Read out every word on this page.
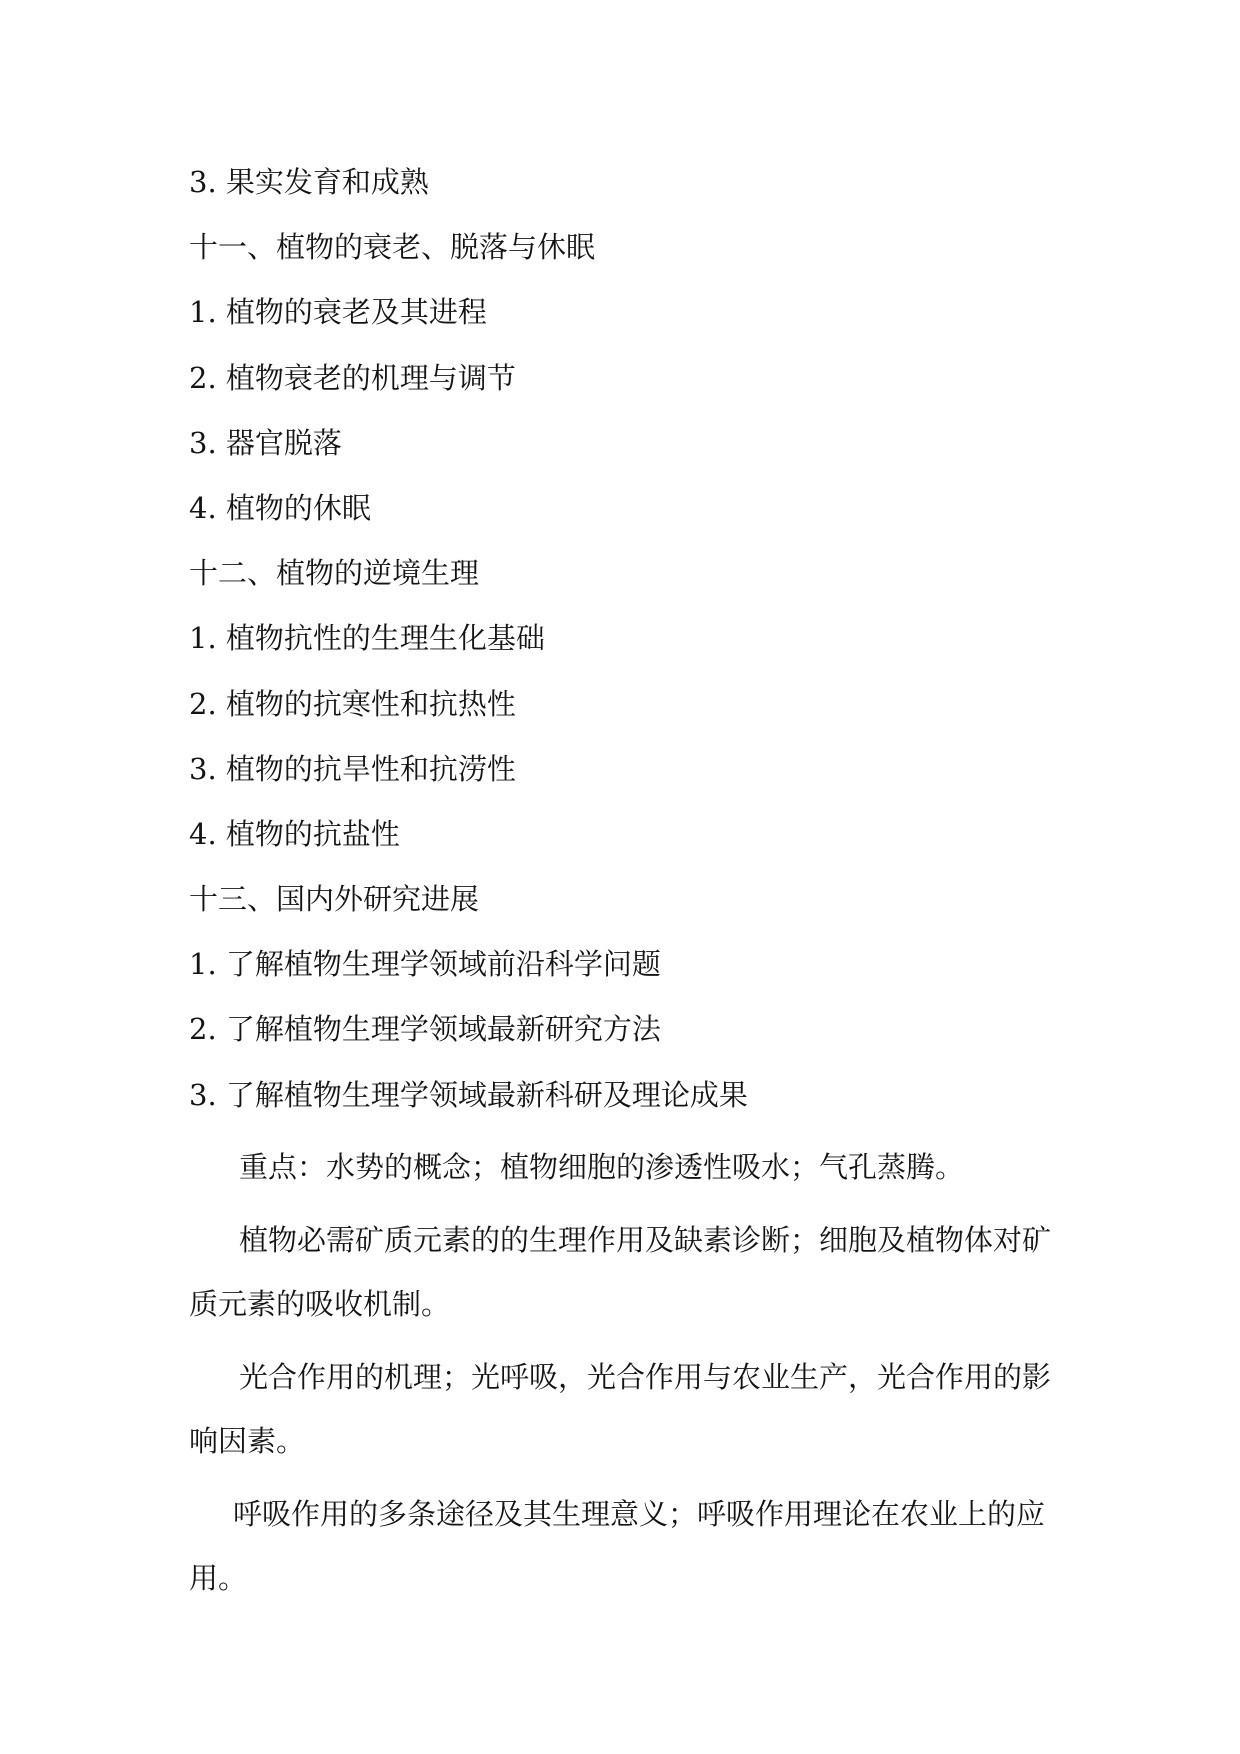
3. 果实发育和成熟
十一、植物的衰老、脱落与休眠
1. 植物的衰老及其进程
2. 植物衰老的机理与调节
3. 器官脱落
4. 植物的休眠
十二、植物的逆境生理
1. 植物抗性的生理生化基础
2. 植物的抗寒性和抗热性
3. 植物的抗旱性和抗涝性
4. 植物的抗盐性
十三、国内外研究进展
1. 了解植物生理学领域前沿科学问题
2. 了解植物生理学领域最新研究方法
3. 了解植物生理学领域最新科研及理论成果
重点：水势的概念；植物细胞的渗透性吸水；气孔蒸腾。
植物必需矿质元素的的生理作用及缺素诊断；细胞及植物体对矿
质元素的吸收机制。
光合作用的机理；光呼吸，光合作用与农业生产，光合作用的影
响因素。
呼吸作用的多条途径及其生理意义；呼吸作用理论在农业上的应
用。
